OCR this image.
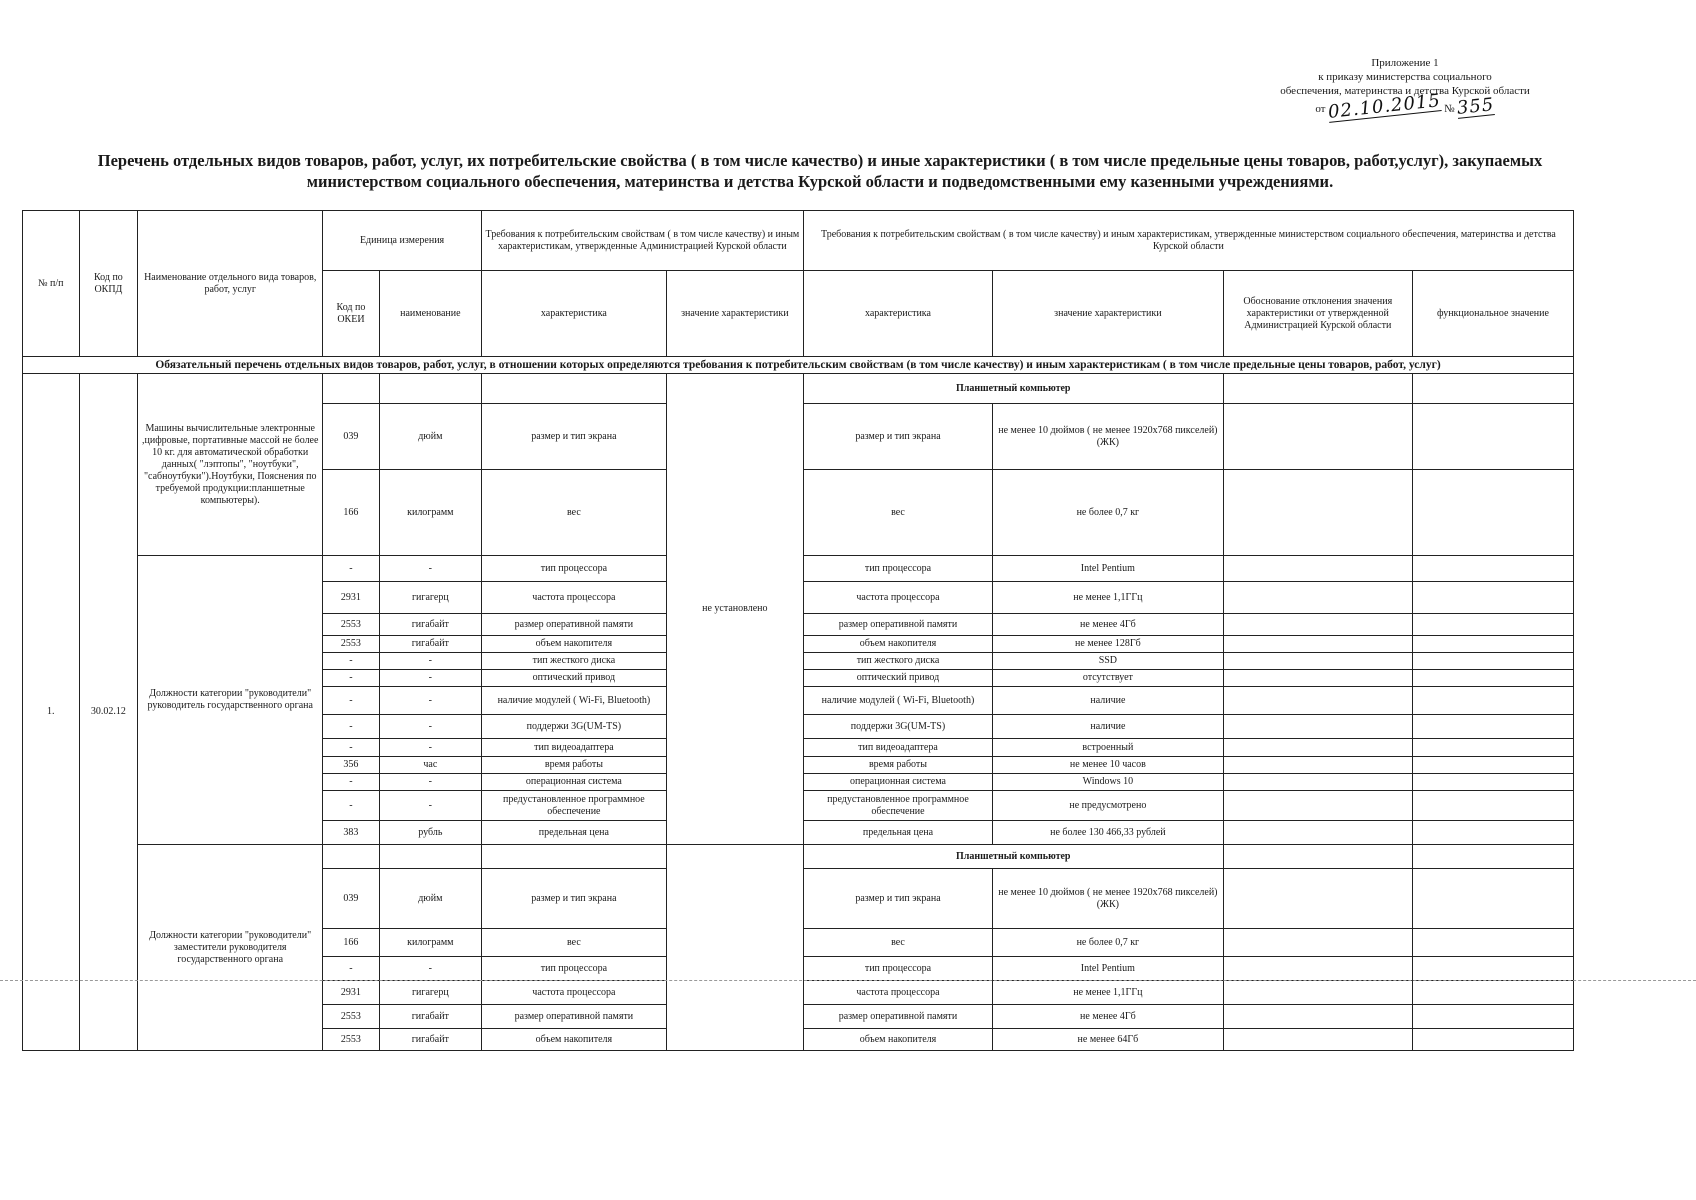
Приложение 1
к приказу министерства социального
обеспечения, материнства и детства Курской области
от 02.10.2015 № 355
Перечень отдельных видов товаров, работ, услуг, их потребительские свойства ( в том числе качество) и иные характеристики ( в том числе предельные цены товаров, работ,услуг), закупаемых министерством социального обеспечения, материнства и детства Курской области и подведомственными ему казенными учреждениями.
№ п/п	Код по ОКПД	Наименование отдельного вида товаров, работ, услуг	Единица измерения		Требования к потребительским свойствам ( в том числе качеству) и иным характеристикам, утвержденные Администрацией Курской области		Требования к потребительским свойствам ( в том числе качеству) и иным характеристикам, утвержденные министерством социального обеспечения, материнства и детства Курской области			
			Код по ОКЕИ	наименование	характеристика	значение характеристики	характеристика	значение характеристики	Обоснование отклонения значения характеристики от утвержденной Администрацией Курской области	функциональное значение
Обязательный перечень отдельных видов товаров, работ, услуг, в отношении которых определяются требования к потребительским свойствам (в том числе качеству) и иным характеристикам ( в том числе предельные цены товаров, работ, услуг)										
1.	30.02.12	Машины вычислительные электронные ,цифровые, портативные массой не более 10 кг. для автоматической обработки данных( "лэптопы", "ноутбуки", "сабноутбуки").Ноутбуки, Пояснения по требуемой продукции:планшетные компьютеры).				не установлено	Планшетный компьютер			
			039	дюйм	размер и тип экрана		размер и тип экрана	не менее 10 дюймов ( не менее 1920х768 пикселей) (ЖК)		
			166	килограмм	вес		вес	не более 0,7 кг		
		Должности категории "руководители" руководитель государственного органа	-	-	тип процессора		тип процессора	Intel Pentium		
			2931	гигагерц	частота процессора		частота процессора	не менее 1,1ГГц		
			2553	гигабайт	размер оперативной памяти		размер оперативной памяти	не менее 4Гб		
			2553	гигабайт	объем накопителя		объем накопителя	не менее 128Гб		
			-	-	тип жесткого диска		тип жесткого диска	SSD		
			-	-	оптический привод		оптический привод	отсутствует		
			-	-	наличие модулей ( Wi-Fi, Bluetooth)		наличие модулей ( Wi-Fi, Bluetooth)	наличие		
			-	-	поддержи 3G(UM-TS)		поддержи 3G(UM-TS)	наличие		
			-	-	тип видеоадаптера		тип видеоадаптера	встроенный		
			356	час	время работы		время работы	не менее 10 часов		
			-	-	операционная система		операционная система	Windows 10		
			-	-	предустановленное программное обеспечение		предустановленное программное обеспечение	не предусмотрено		
			383	рубль	предельная цена		предельная цена	не более 130 466,33 рублей		
		Должности категории "руководители" заместители руководителя государственного органа					Планшетный компьютер			
			039	дюйм	размер и тип экрана		размер и тип экрана	не менее 10 дюймов ( не менее 1920х768 пикселей) (ЖК)		
			166	килограмм	вес		вес	не более 0,7 кг		
			-	-	тип процессора		тип процессора	Intel Pentium		
			2931	гигагерц	частота процессора		частота процессора	не менее 1,1ГГц		
			2553	гигабайт	размер оперативной памяти		размер оперативной памяти	не менее 4Гб		
			2553	гигабайт	объем накопителя		объем накопителя	не менее 64Гб		
